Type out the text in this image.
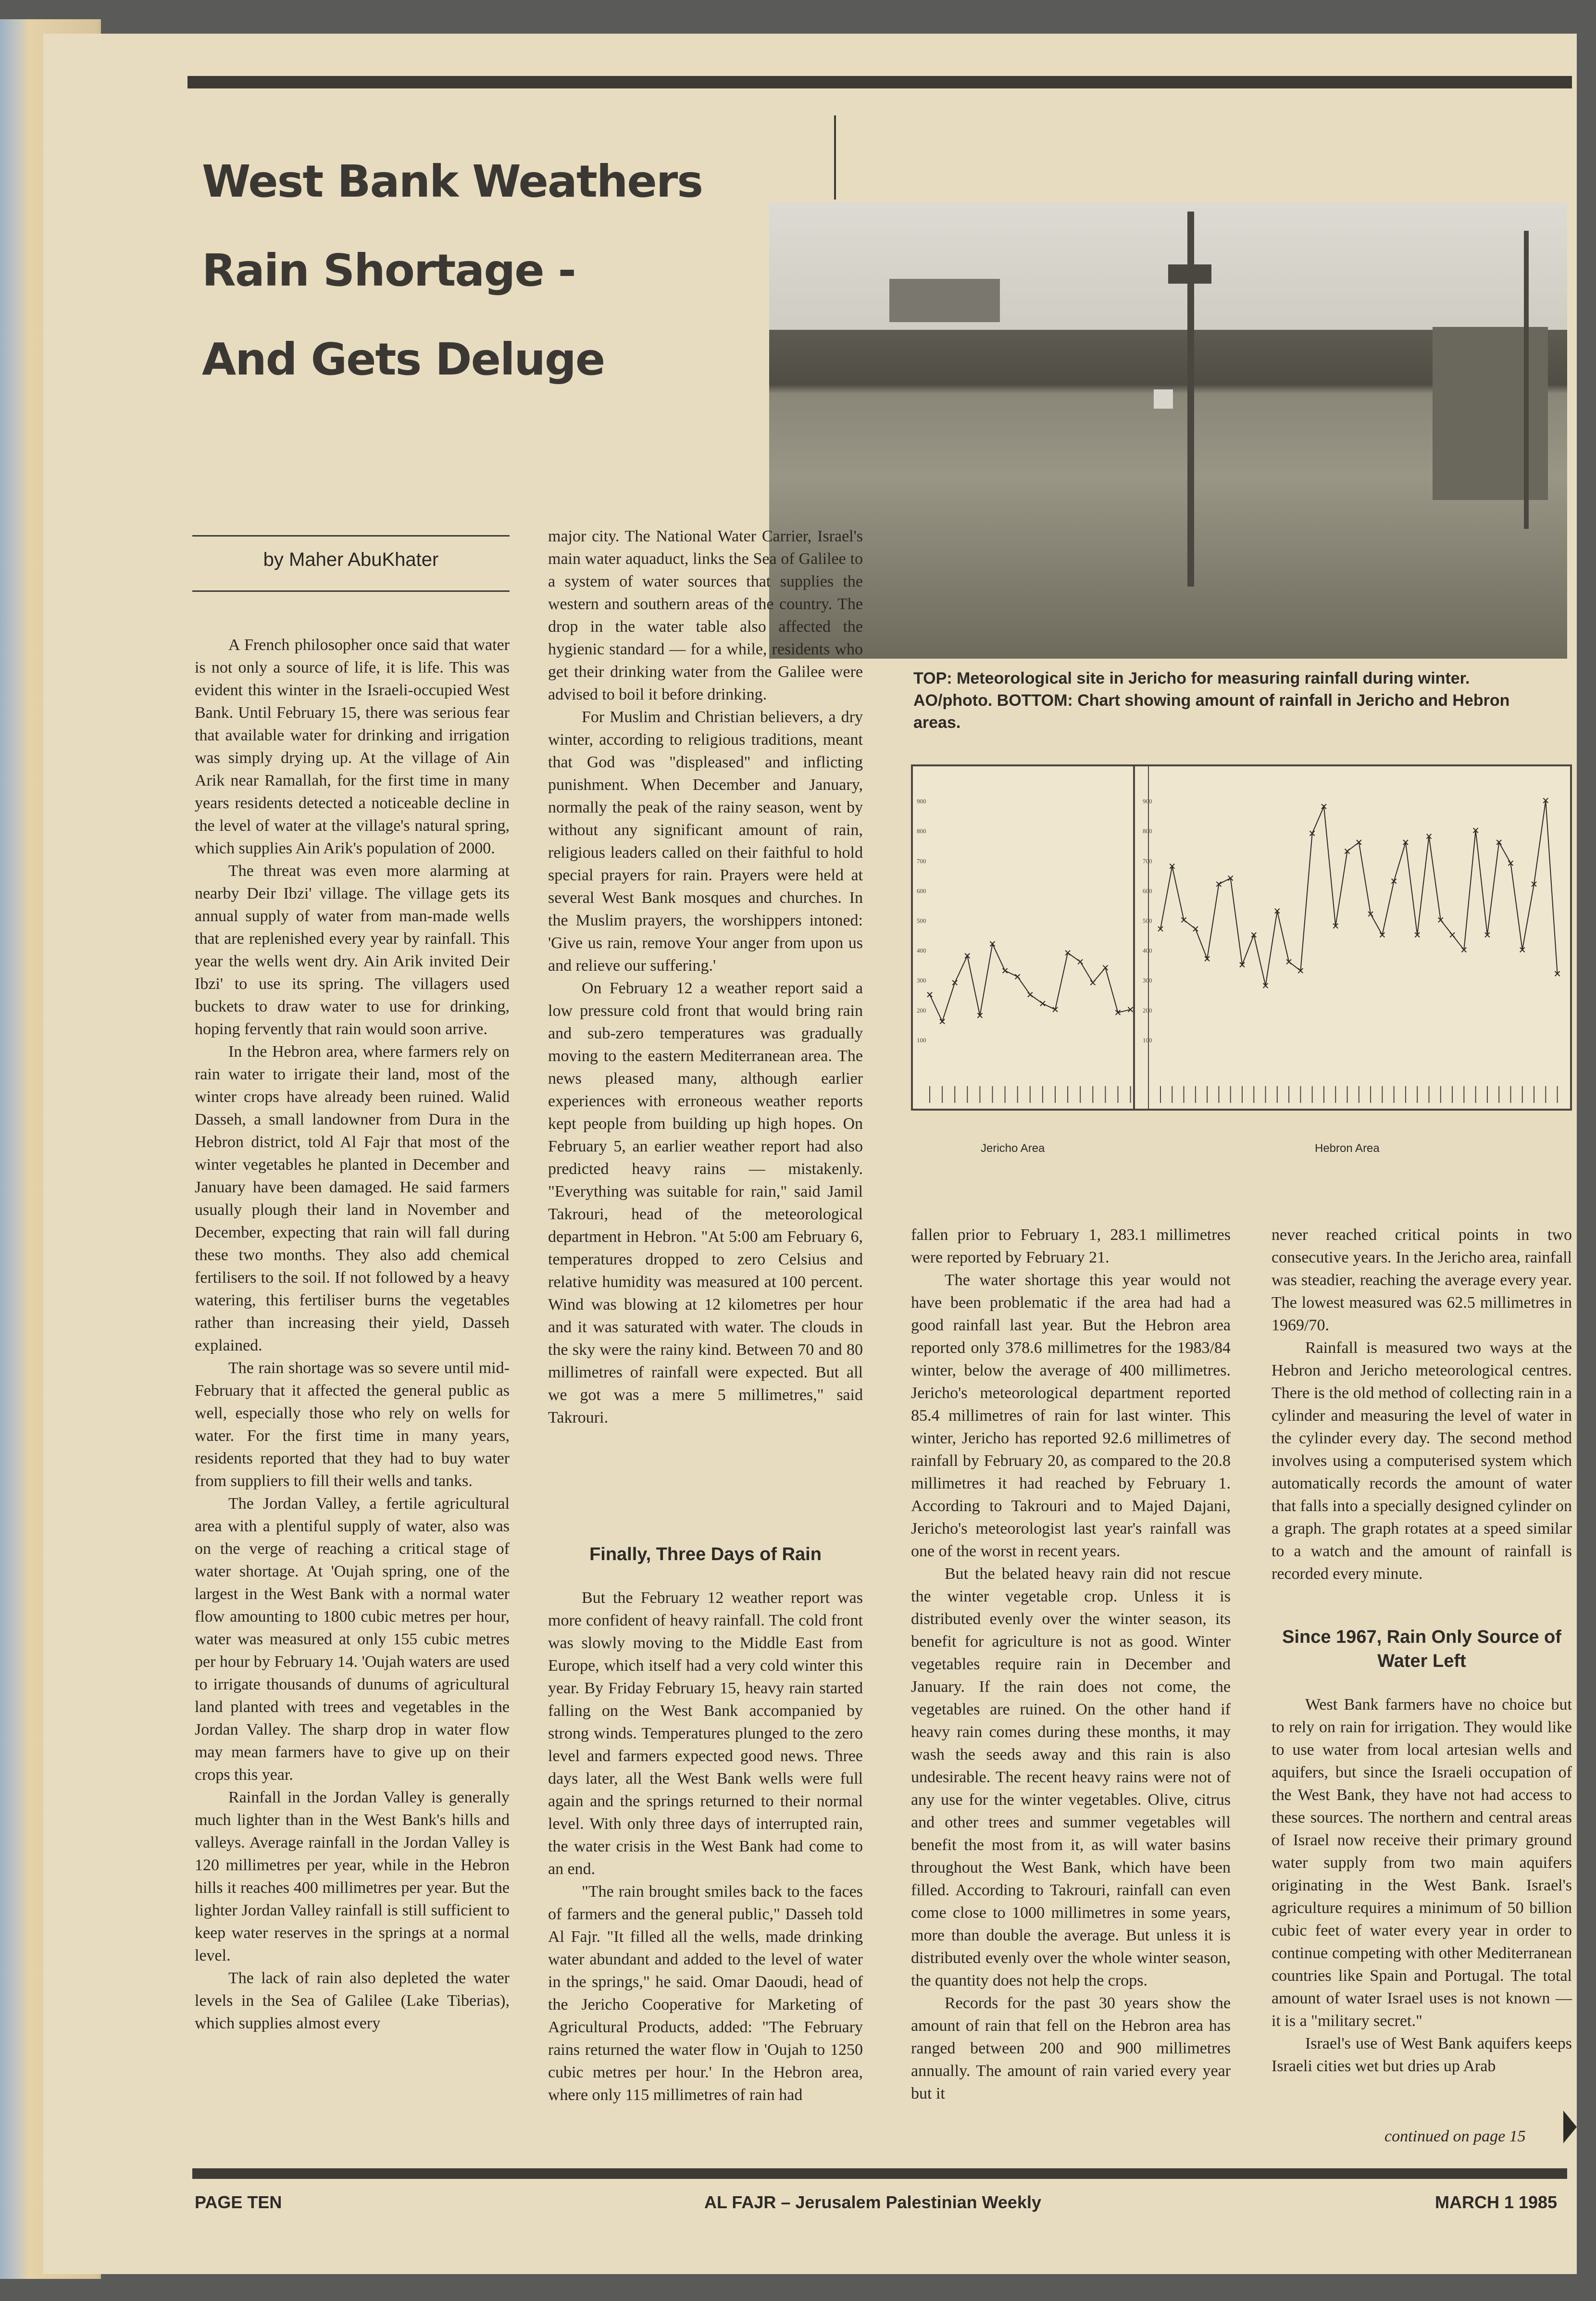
West Bank Weathers
Rain Shortage -
And Gets Deluge

TOP: Meteorological site in Jericho for measuring rainfall during winter. AO/photo. BOTTOM: Chart showing amount of rainfall in Jericho and Hebron areas.

100	100
200	200
300	300
400	400
500	500
600	600
700	700
800	800
900	900
Jericho Area	Hebron Area
by Maher AbuKhater

A French philosopher once said that water is not only a source of life, it is life. This was evident this winter in the Israeli-occupied West Bank. Until February 15, there was serious fear that available water for drinking and irrigation was simply drying up. At the village of Ain Arik near Ramallah, for the first time in many years residents detected a noticeable decline in the level of water at the village's natural spring, which supplies Ain Arik's population of 2000.

The threat was even more alarming at nearby Deir Ibzi' village. The village gets its annual supply of water from man-made wells that are replenished every year by rainfall. This year the wells went dry. Ain Arik invited Deir Ibzi' to use its spring. The villagers used buckets to draw water to use for drinking, hoping fervently that rain would soon arrive.

In the Hebron area, where farmers rely on rain water to irrigate their land, most of the winter crops have already been ruined. Walid Dasseh, a small landowner from Dura in the Hebron district, told Al Fajr that most of the winter vegetables he planted in December and January have been damaged. He said farmers usually plough their land in November and December, expecting that rain will fall during these two months. They also add chemical fertilisers to the soil. If not followed by a heavy watering, this fertiliser burns the vegetables rather than increasing their yield, Dasseh explained.

The rain shortage was so severe until mid-February that it affected the general public as well, especially those who rely on wells for water. For the first time in many years, residents reported that they had to buy water from suppliers to fill their wells and tanks.

The Jordan Valley, a fertile agricultural area with a plentiful supply of water, also was on the verge of reaching a critical stage of water shortage. At 'Oujah spring, one of the largest in the West Bank with a normal water flow amounting to 1800 cubic metres per hour, water was measured at only 155 cubic metres per hour by February 14. 'Oujah waters are used to irrigate thousands of dunums of agricultural land planted with trees and vegetables in the Jordan Valley. The sharp drop in water flow may mean farmers have to give up on their crops this year.

Rainfall in the Jordan Valley is generally much lighter than in the West Bank's hills and valleys. Average rainfall in the Jordan Valley is 120 millimetres per year, while in the Hebron hills it reaches 400 millimetres per year. But the lighter Jordan Valley rainfall is still sufficient to keep water reserves in the springs at a normal level.

The lack of rain also depleted the water levels in the Sea of Galilee (Lake Tiberias), which supplies almost every

major city. The National Water Carrier, Israel's main water aquaduct, links the Sea of Galilee to a system of water sources that supplies the western and southern areas of the country. The drop in the water table also affected the hygienic standard — for a while, residents who get their drinking water from the Galilee were advised to boil it before drinking.

For Muslim and Christian believers, a dry winter, according to religious traditions, meant that God was "displeased" and inflicting punishment. When December and January, normally the peak of the rainy season, went by without any significant amount of rain, religious leaders called on their faithful to hold special prayers for rain. Prayers were held at several West Bank mosques and churches. In the Muslim prayers, the worshippers intoned: 'Give us rain, remove Your anger from upon us and relieve our suffering.'

On February 12 a weather report said a low pressure cold front that would bring rain and sub-zero temperatures was gradually moving to the eastern Mediterranean area. The news pleased many, although earlier experiences with erroneous weather reports kept people from building up high hopes. On February 5, an earlier weather report had also predicted heavy rains — mistakenly. "Everything was suitable for rain," said Jamil Takrouri, head of the meteorological department in Hebron. "At 5:00 am February 6, temperatures dropped to zero Celsius and relative humidity was measured at 100 percent. Wind was blowing at 12 kilometres per hour and it was saturated with water. The clouds in the sky were the rainy kind. Between 70 and 80 millimetres of rainfall were expected. But all we got was a mere 5 millimetres," said Takrouri.

Finally, Three Days of Rain

But the February 12 weather report was more confident of heavy rainfall. The cold front was slowly moving to the Middle East from Europe, which itself had a very cold winter this year. By Friday February 15, heavy rain started falling on the West Bank accompanied by strong winds. Temperatures plunged to the zero level and farmers expected good news. Three days later, all the West Bank wells were full again and the springs returned to their normal level. With only three days of interrupted rain, the water crisis in the West Bank had come to an end.

"The rain brought smiles back to the faces of farmers and the general public," Dasseh told Al Fajr. "It filled all the wells, made drinking water abundant and added to the level of water in the springs," he said. Omar Daoudi, head of the Jericho Cooperative for Marketing of Agricultural Products, added: "The February rains returned the water flow in 'Oujah to 1250 cubic metres per hour.' In the Hebron area, where only 115 millimetres of rain had

fallen prior to February 1, 283.1 millimetres were reported by February 21.

The water shortage this year would not have been problematic if the area had had a good rainfall last year. But the Hebron area reported only 378.6 millimetres for the 1983/84 winter, below the average of 400 millimetres. Jericho's meteorological department reported 85.4 millimetres of rain for last winter. This winter, Jericho has reported 92.6 millimetres of rainfall by February 20, as compared to the 20.8 millimetres it had reached by February 1. According to Takrouri and to Majed Dajani, Jericho's meteorologist last year's rainfall was one of the worst in recent years.

But the belated heavy rain did not rescue the winter vegetable crop. Unless it is distributed evenly over the winter season, its benefit for agriculture is not as good. Winter vegetables require rain in December and January. If the rain does not come, the vegetables are ruined. On the other hand if heavy rain comes during these months, it may wash the seeds away and this rain is also undesirable. The recent heavy rains were not of any use for the winter vegetables. Olive, citrus and other trees and summer vegetables will benefit the most from it, as will water basins throughout the West Bank, which have been filled. According to Takrouri, rainfall can even come close to 1000 millimetres in some years, more than double the average. But unless it is distributed evenly over the whole winter season, the quantity does not help the crops.

Records for the past 30 years show the amount of rain that fell on the Hebron area has ranged between 200 and 900 millimetres annually. The amount of rain varied every year but it

never reached critical points in two consecutive years. In the Jericho area, rainfall was steadier, reaching the average every year. The lowest measured was 62.5 millimetres in 1969/70.

Rainfall is measured two ways at the Hebron and Jericho meteorological centres. There is the old method of collecting rain in a cylinder and measuring the level of water in the cylinder every day. The second method involves using a computerised system which automatically records the amount of water that falls into a specially designed cylinder on a graph. The graph rotates at a speed similar to a watch and the amount of rainfall is recorded every minute.

Since 1967, Rain Only Source of Water Left

West Bank farmers have no choice but to rely on rain for irrigation. They would like to use water from local artesian wells and aquifers, but since the Israeli occupation of the West Bank, they have not had access to these sources. The northern and central areas of Israel now receive their primary ground water supply from two main aquifers originating in the West Bank. Israel's agriculture requires a minimum of 50 billion cubic feet of water every year in order to continue competing with other Mediterranean countries like Spain and Portugal. The total amount of water Israel uses is not known — it is a "military secret."

Israel's use of West Bank aquifers keeps Israeli cities wet but dries up Arab

continued on page 15
PAGE TEN	AL FAJR – Jerusalem Palestinian Weekly	MARCH 1 1985
